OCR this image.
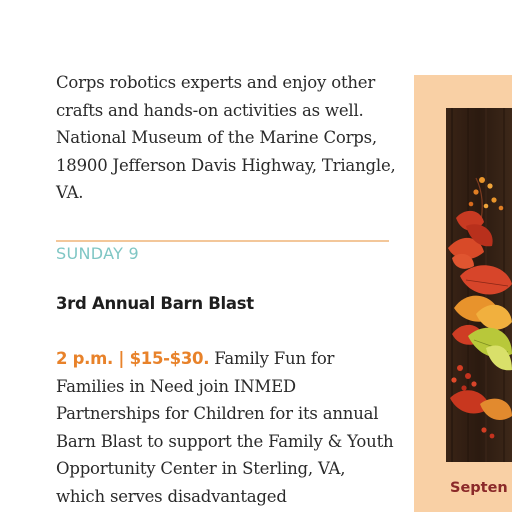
Corps robotics experts and enjoy other crafts and hands-on activities as well. National Museum of the Marine Corps, 18900 Jefferson Davis Highway, Triangle, VA.
SUNDAY 9
3rd Annual Barn Blast
2 p.m. | $15-$30. Family Fun for Families in Need join INMED Partnerships for Children for its annual Barn Blast to support the Family & Youth Opportunity Center in Sterling, VA, which serves disadvantaged	Septen
